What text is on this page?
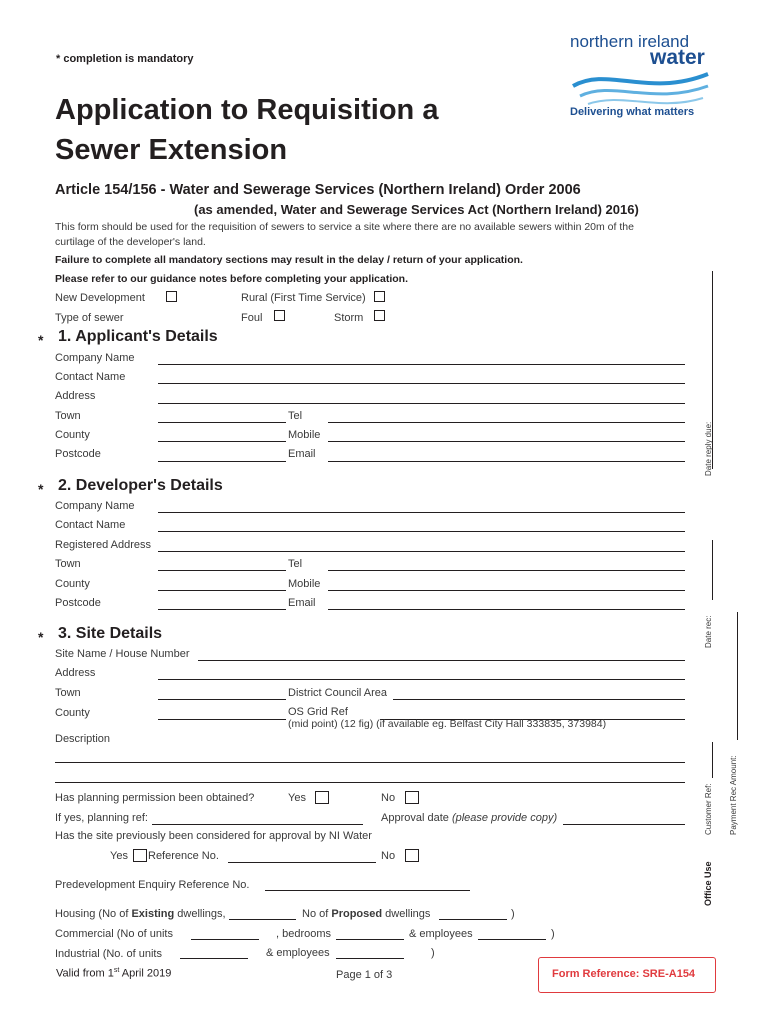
* completion is mandatory
Application to Requisition a
Sewer Extension
northern ireland
water
Delivering what matters
Article 154/156 - Water and Sewerage Services (Northern Ireland) Order 2006
(as amended, Water and Sewerage Services Act (Northern Ireland) 2016)
This form should be used for the requisition of sewers to service a site where there are no available sewers within 20m of the
curtilage of the developer's land.
Failure to complete all mandatory sections may result in the delay / return of your application.
Please refer to our guidance notes before completing your application.
New Development	Rural (First Time Service)
Type of sewer	Foul	Storm
* 1. Applicant's Details
Company Name
Contact Name
Address
Town	Tel
County	Mobile
Postcode	Email
* 2. Developer's Details
Company Name
Contact Name
Registered Address
Town	Tel
County	Mobile
Postcode	Email
* 3. Site Details
Site Name / House Number
Address
Town	District Council Area
County	OS Grid Ref
(mid point) (12 fig) (if available eg. Belfast City Hall 333835, 373984)
Description
Has planning permission been obtained?	Yes	No
If yes, planning ref:	Approval date (please provide copy)
Has the site previously been considered for approval by NI Water
Yes Reference No.	No
Predevelopment Enquiry Reference No.
Housing (No of Existing dwellings,	No of Proposed dwellings	)
Commercial (No of units	, bedrooms	& employees	)
Industrial (No. of units	& employees	)
Date reply due:
Date rec:
Customer Ref: Payment Rec Amount:
Office Use
Valid from 1st April 2019	Page 1 of 3	Form Reference: SRE-A154
